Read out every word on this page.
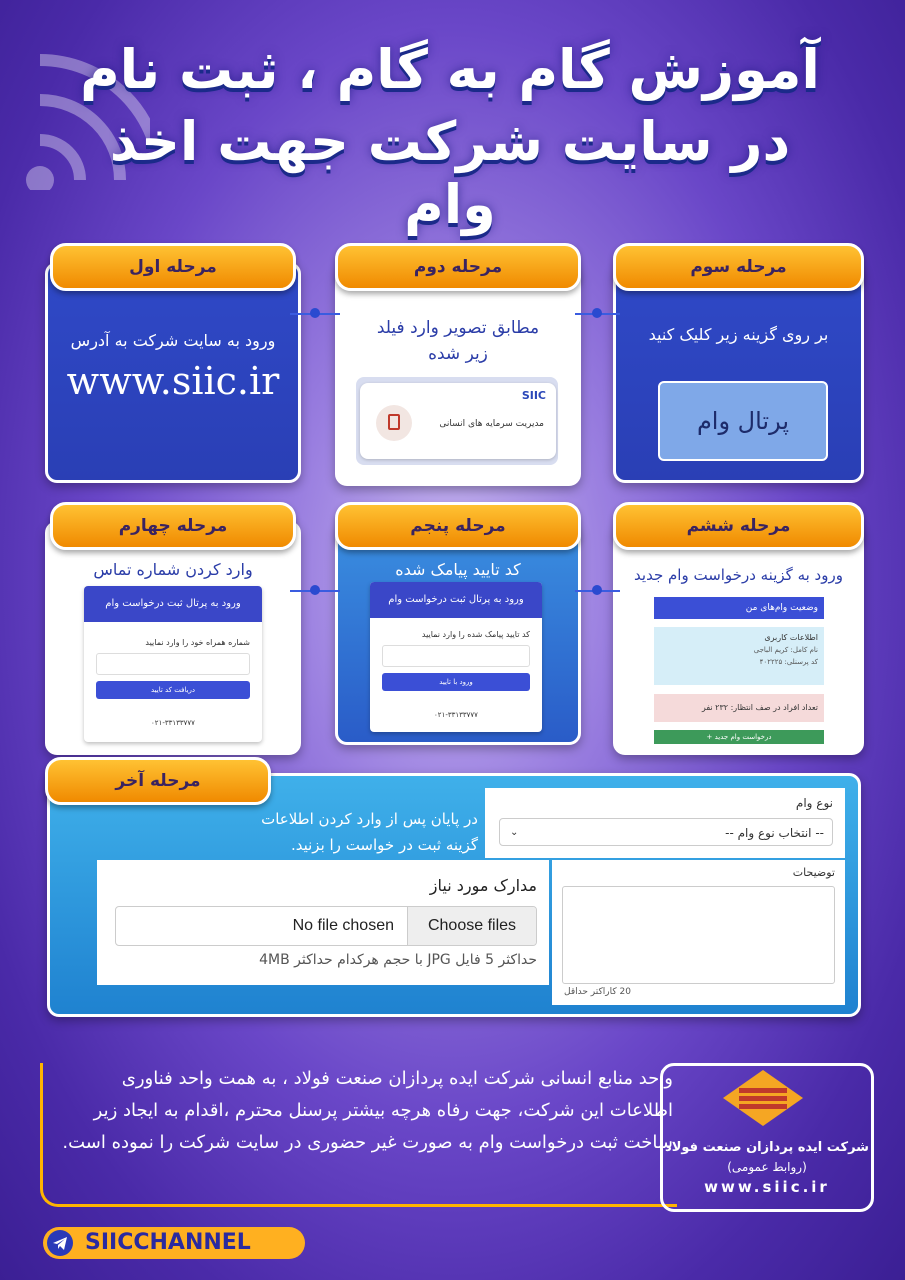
آموزش گام به گام ، ثبت نام
در سایت شرکت جهت اخذ وام
مرحله اول
ورود به سایت شرکت به آدرس
www.siic.ir
مرحله دوم
مطابق تصویر وارد فیلد زیر شده
SIIC
مدیریت سرمایه های انسانی
مرحله سوم
بر روی گزینه زیر کلیک کنید
پرتال وام
مرحله چهارم
وارد کردن شماره تماس
ورود به پرتال ثبت درخواست وام
شماره همراه خود را وارد نمایید
دریافت کد تایید
۰۲۱-۳۳۱۳۳۷۷۷
مرحله پنجم
کد تایید پیامک شده
ورود به پرتال ثبت درخواست وام
کد تایید پیامک شده را وارد نمایید
ورود با تایید
۰۲۱-۳۳۱۳۳۷۷۷
مرحله ششم
ورود به گزینه درخواست وام جدید
وضعیت وام‌های من
اطلاعات کاربری
نام کامل: کریم الباجی
کد پرسنلی: ۴۰۲۲۲۵
تعداد افراد در صف انتظار: ۲۳۲ نفر
+ درخواست وام جدید
مرحله آخر
در پایان پس از وارد کردن اطلاعات
گزینه ثبت در خواست را بزنید.
نوع وام
-- انتخاب نوع وام --
⌄
توضیحات
20 کاراکتر حداقل
مدارک مورد نیاز
Choose files
No file chosen
حداکثر 5 فایل JPG با حجم هرکدام حداکثر 4MB
واحد منابع انسانی شرکت ایده پردازان صنعت فولاد ، به همت واحد فناوری اطلاعات این شرکت، جهت رفاه هرچه بیشتر پرسنل محترم ،اقدام به ایجاد زیر ساخت ثبت درخواست وام به صورت غیر حضوری در سایت شرکت را نموده است.
شرکت ایده پردازان صنعت فولاد
(روابط عمومی)
www.siic.ir
SIICCHANNEL
